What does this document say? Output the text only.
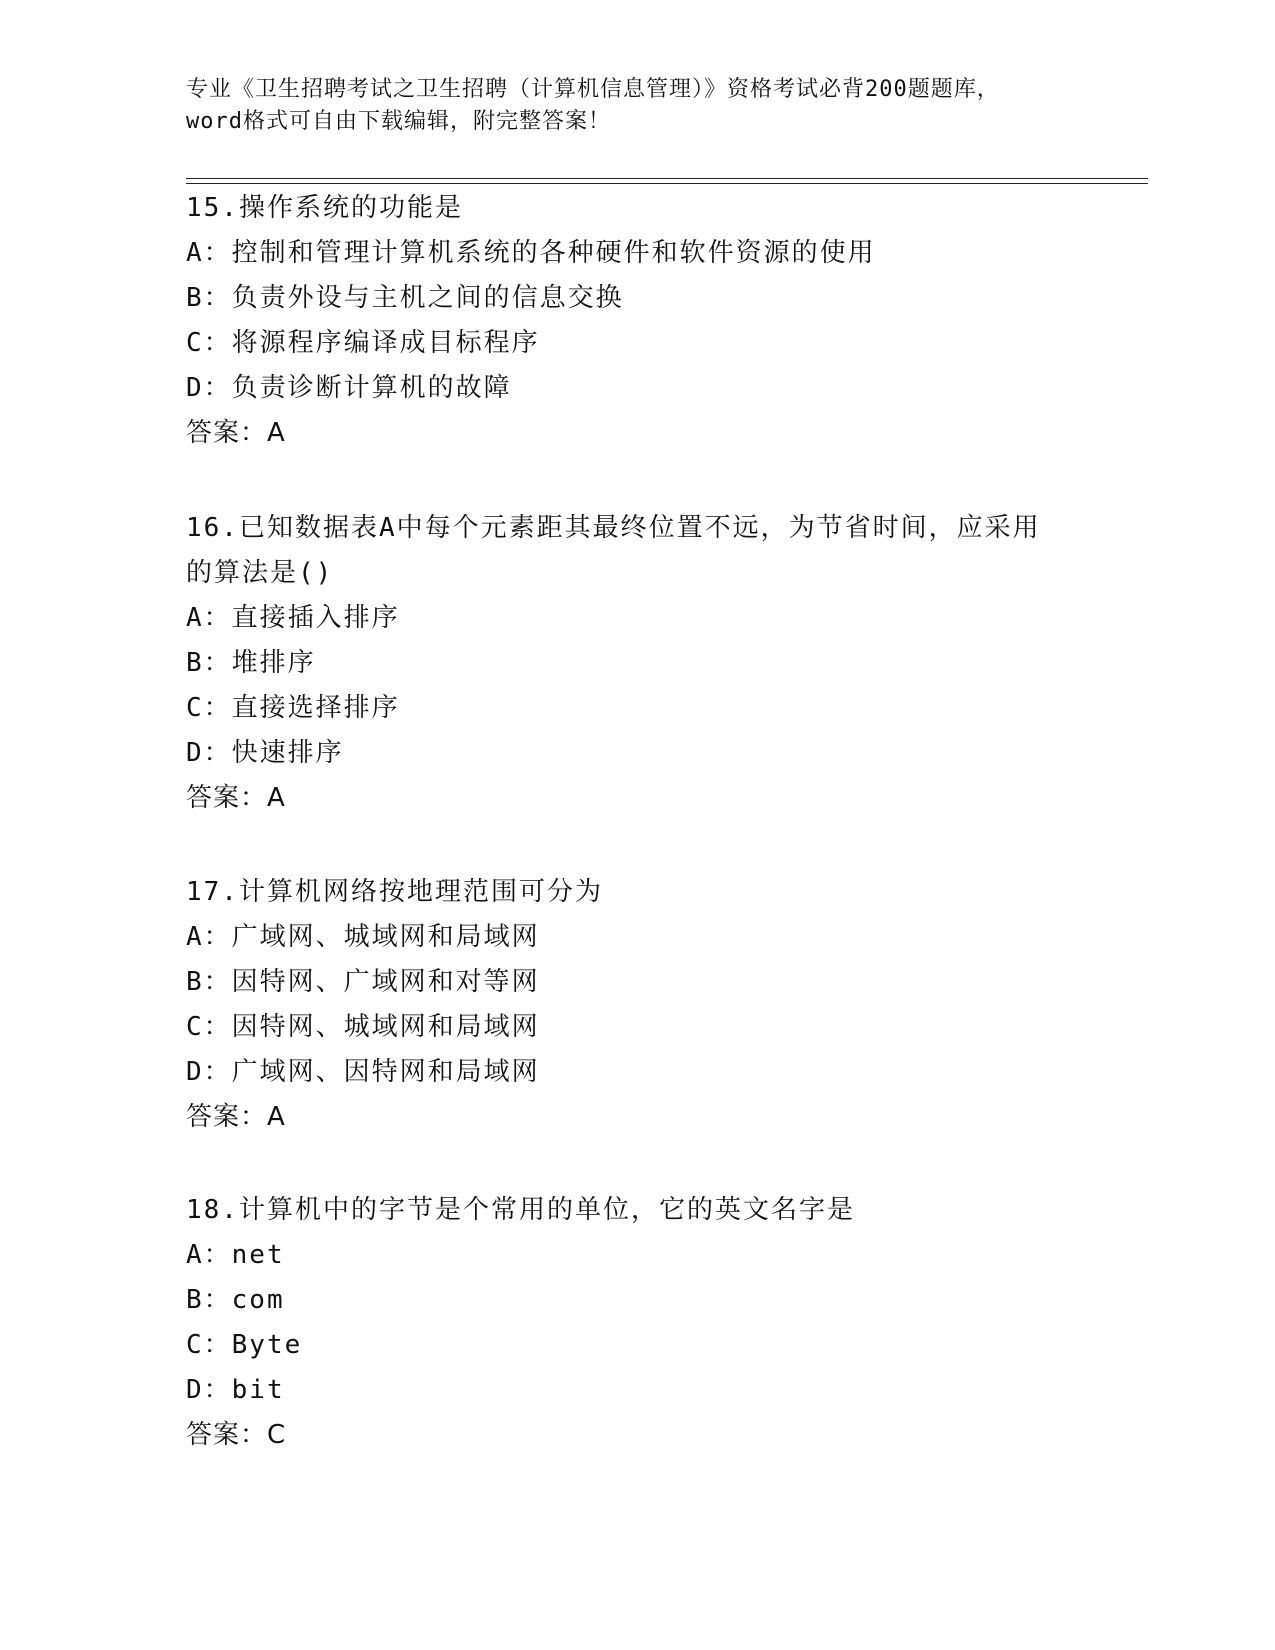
专业《卫生招聘考试之卫生招聘（计算机信息管理）》资格考试必背200题题库，
word格式可自由下载编辑，附完整答案！
15.操作系统的功能是
A：控制和管理计算机系统的各种硬件和软件资源的使用
B：负责外设与主机之间的信息交换
C：将源程序编译成目标程序
D：负责诊断计算机的故障
答案：A
16.已知数据表A中每个元素距其最终位置不远，为节省时间，应采用的算法是()
A：直接插入排序
B：堆排序
C：直接选择排序
D：快速排序
答案：A
17.计算机网络按地理范围可分为
A：广域网、城域网和局域网
B：因特网、广域网和对等网
C：因特网、城域网和局域网
D：广域网、因特网和局域网
答案：A
18.计算机中的字节是个常用的单位，它的英文名字是
A：net
B：com
C：Byte
D：bit
答案：C
